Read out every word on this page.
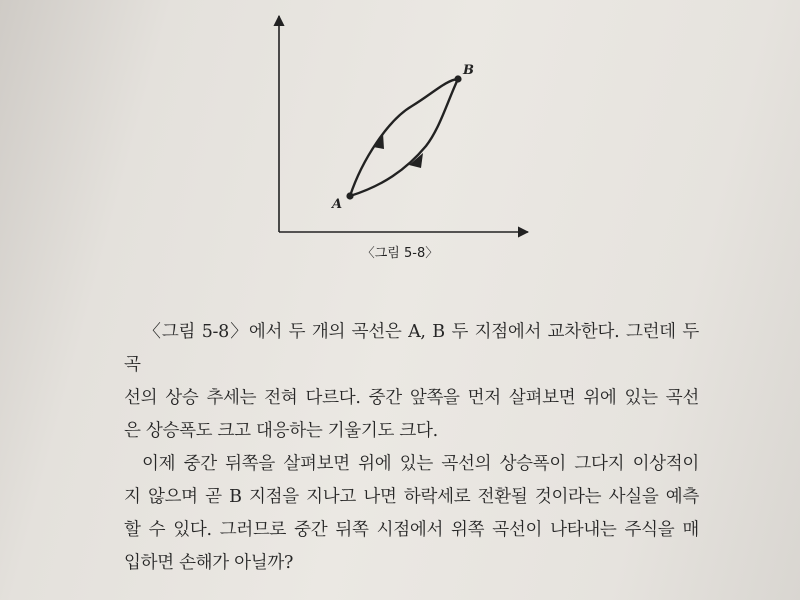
A
B
〈그림 5-8〉

〈그림 5-8〉에서 두 개의 곡선은 A, B 두 지점에서 교차한다. 그런데 두 곡

선의 상승 추세는 전혀 다르다. 중간 앞쪽을 먼저 살펴보면 위에 있는 곡선

은 상승폭도 크고 대응하는 기울기도 크다.

이제 중간 뒤쪽을 살펴보면 위에 있는 곡선의 상승폭이 그다지 이상적이

지 않으며 곧 B 지점을 지나고 나면 하락세로 전환될 것이라는 사실을 예측

할 수 있다. 그러므로 중간 뒤쪽 시점에서 위쪽 곡선이 나타내는 주식을 매

입하면 손해가 아닐까?
